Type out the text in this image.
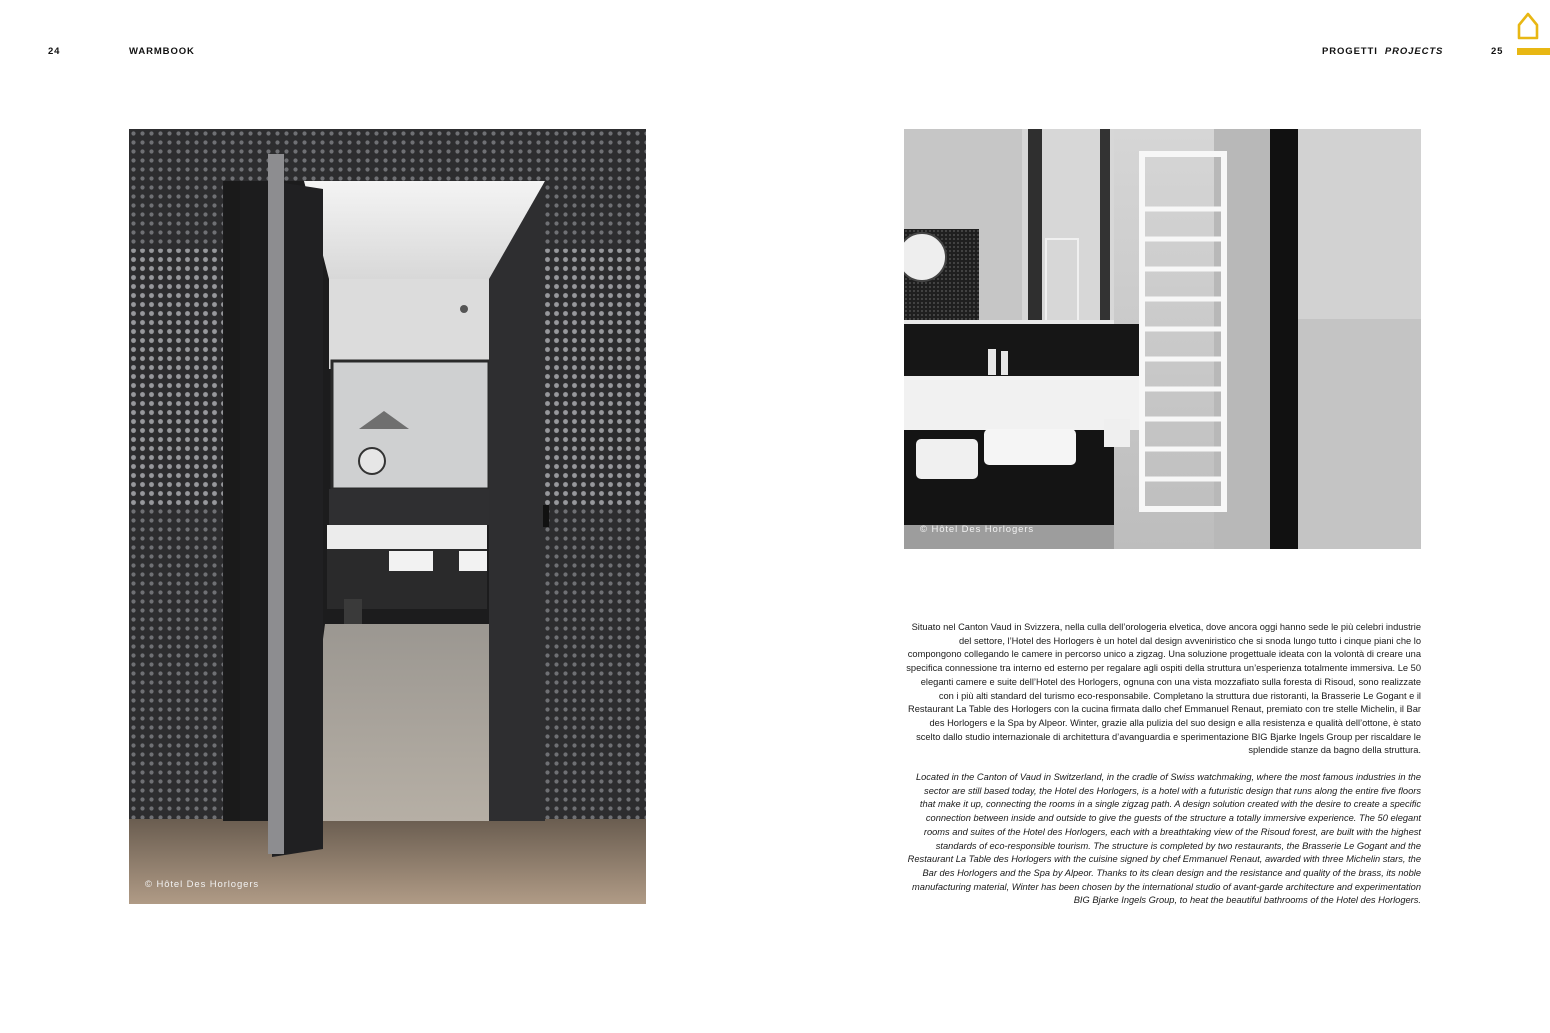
24	WARMBOOK	PROGETTI PROJECTS	25
© Hôtel Des Horlogers
© Hôtel Des Horlogers
Situato nel Canton Vaud in Svizzera, nella culla dell’orologeria elvetica, dove ancora oggi hanno sede le più celebri industrie del settore, l’Hotel des Horlogers è un hotel dal design avveniristico che si snoda lungo tutto i cinque piani che lo compongono collegando le camere in percorso unico a zigzag. Una soluzione progettuale ideata con la volontà di creare una specifica connessione tra interno ed esterno per regalare agli ospiti della struttura un’esperienza totalmente immersiva. Le 50 eleganti camere e suite dell’Hotel des Horlogers, ognuna con una vista mozzafiato sulla foresta di Risoud, sono realizzate con i più alti standard del turismo eco-responsabile. Completano la struttura due ristoranti, la Brasserie Le Gogant e il Restaurant La Table des Horlogers con la cucina firmata dallo chef Emmanuel Renaut, premiato con tre stelle Michelin, il Bar des Horlogers e la Spa by Alpeor. Winter, grazie alla pulizia del suo design e alla resistenza e qualità dell’ottone, è stato scelto dallo studio internazionale di architettura d’avanguardia e sperimentazione BIG Bjarke Ingels Group per riscaldare le splendide stanze da bagno della struttura.
Located in the Canton of Vaud in Switzerland, in the cradle of Swiss watchmaking, where the most famous industries in the sector are still based today, the Hotel des Horlogers, is a hotel with a futuristic design that runs along the entire five floors that make it up, connecting the rooms in a single zigzag path. A design solution created with the desire to create a specific connection between inside and outside to give the guests of the structure a totally immersive experience. The 50 elegant rooms and suites of the Hotel des Horlogers, each with a breathtaking view of the Risoud forest, are built with the highest standards of eco-responsible tourism. The structure is completed by two restaurants, the Brasserie Le Gogant and the Restaurant La Table des Horlogers with the cuisine signed by chef Emmanuel Renaut, awarded with three Michelin stars, the Bar des Horlogers and the Spa by Alpeor. Thanks to its clean design and the resistance and quality of the brass, its noble manufacturing material, Winter has been chosen by the international studio of avant-garde architecture and experimentation BIG Bjarke Ingels Group, to heat the beautiful bathrooms of the Hotel des Horlogers.
